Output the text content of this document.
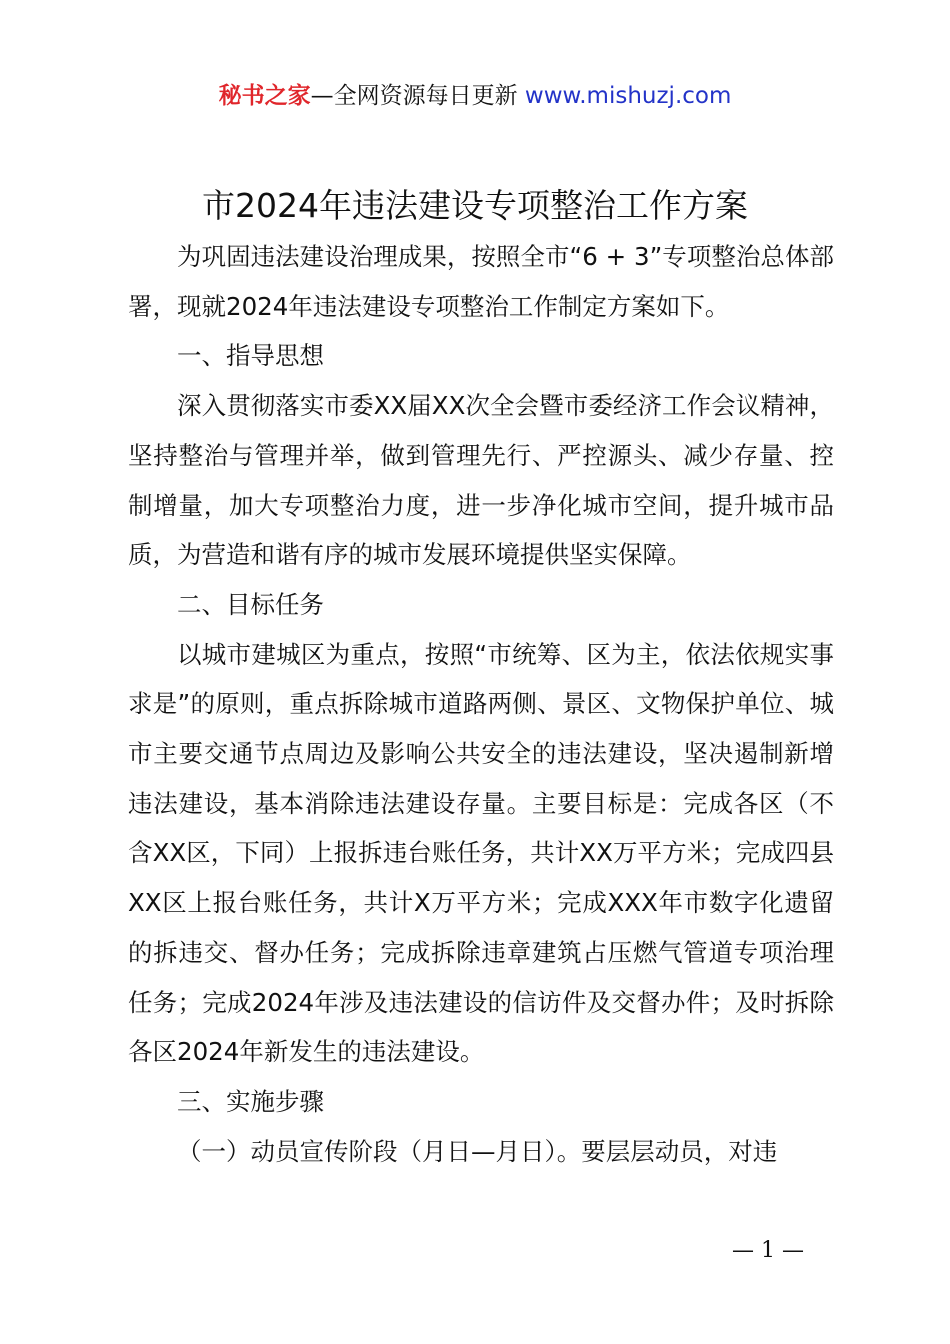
秘书之家—全网资源每日更新 www.mishuzj.com
市2024年违法建设专项整治工作方案

为巩固违法建设治理成果，按照全市“6 + 3”专项整治总体部署，现就2024年违法建设专项整治工作制定方案如下。

一、指导思想

深入贯彻落实市委XX届XX次全会暨市委经济工作会议精神，坚持整治与管理并举，做到管理先行、严控源头、减少存量、控制增量，加大专项整治力度，进一步净化城市空间，提升城市品质，为营造和谐有序的城市发展环境提供坚实保障。

二、目标任务

以城市建城区为重点，按照“市统筹、区为主，依法依规实事求是”的原则，重点拆除城市道路两侧、景区、文物保护单位、城市主要交通节点周边及影响公共安全的违法建设，坚决遏制新增违法建设，基本消除违法建设存量。主要目标是：完成各区（不含XX区，下同）上报拆违台账任务，共计XX万平方米；完成四县XX区上报台账任务，共计X万平方米；完成XXX年市数字化遗留的拆违交、督办任务；完成拆除违章建筑占压燃气管道专项治理任务；完成2024年涉及违法建设的信访件及交督办件；及时拆除各区2024年新发生的违法建设。

三、实施步骤

（一）动员宣传阶段（月日—月日）。要层层动员，对违

— 1 —
